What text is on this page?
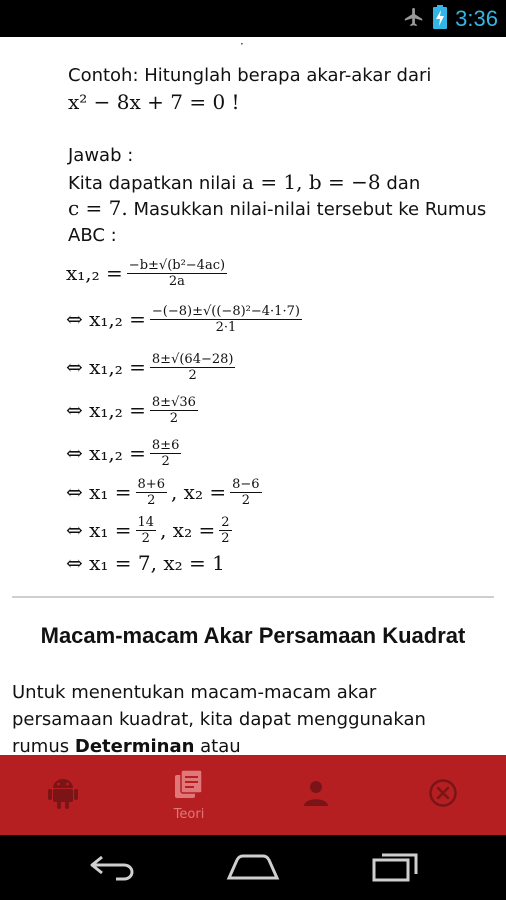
3:36
·
Contoh: Hitunglah berapa akar-akar dari
x² − 8x + 7 = 0 !
Jawab :
Kita dapatkan nilai a = 1, b = −8 dan
c = 7. Masukkan nilai-nilai tersebut ke Rumus ABC :
$x_1,_2 = \frac{\text{−b±√(b²−4ac)}}{2a}$
⇔ $x_1,_2 = \frac{\text{−(−8)±√((−8)²−4·1·7)}}{2\cdot 1}$
⇔ $x_1,_2 = \frac{8\pm√(64-28)}{2}$
⇔ $x_1,_2 = \frac{8\pm√36}{2}$
⇔ $x_1,_2 = \frac{8\pm 6}{2}$
⇔ $x_1 = \frac{8+6}{2}$ , $x_2 = \frac{8-6}{2}$
⇔ $x_1 = \frac{14}{2}$ , $x_2 = \frac{2}{2}$
⇔ x₁ = 7, x₂ = 1
Macam-macam Akar Persamaan Kuadrat
Untuk menentukan macam-macam akar persamaan kuadrat, kita dapat menggunakan rumus Determinan atau
Teori
